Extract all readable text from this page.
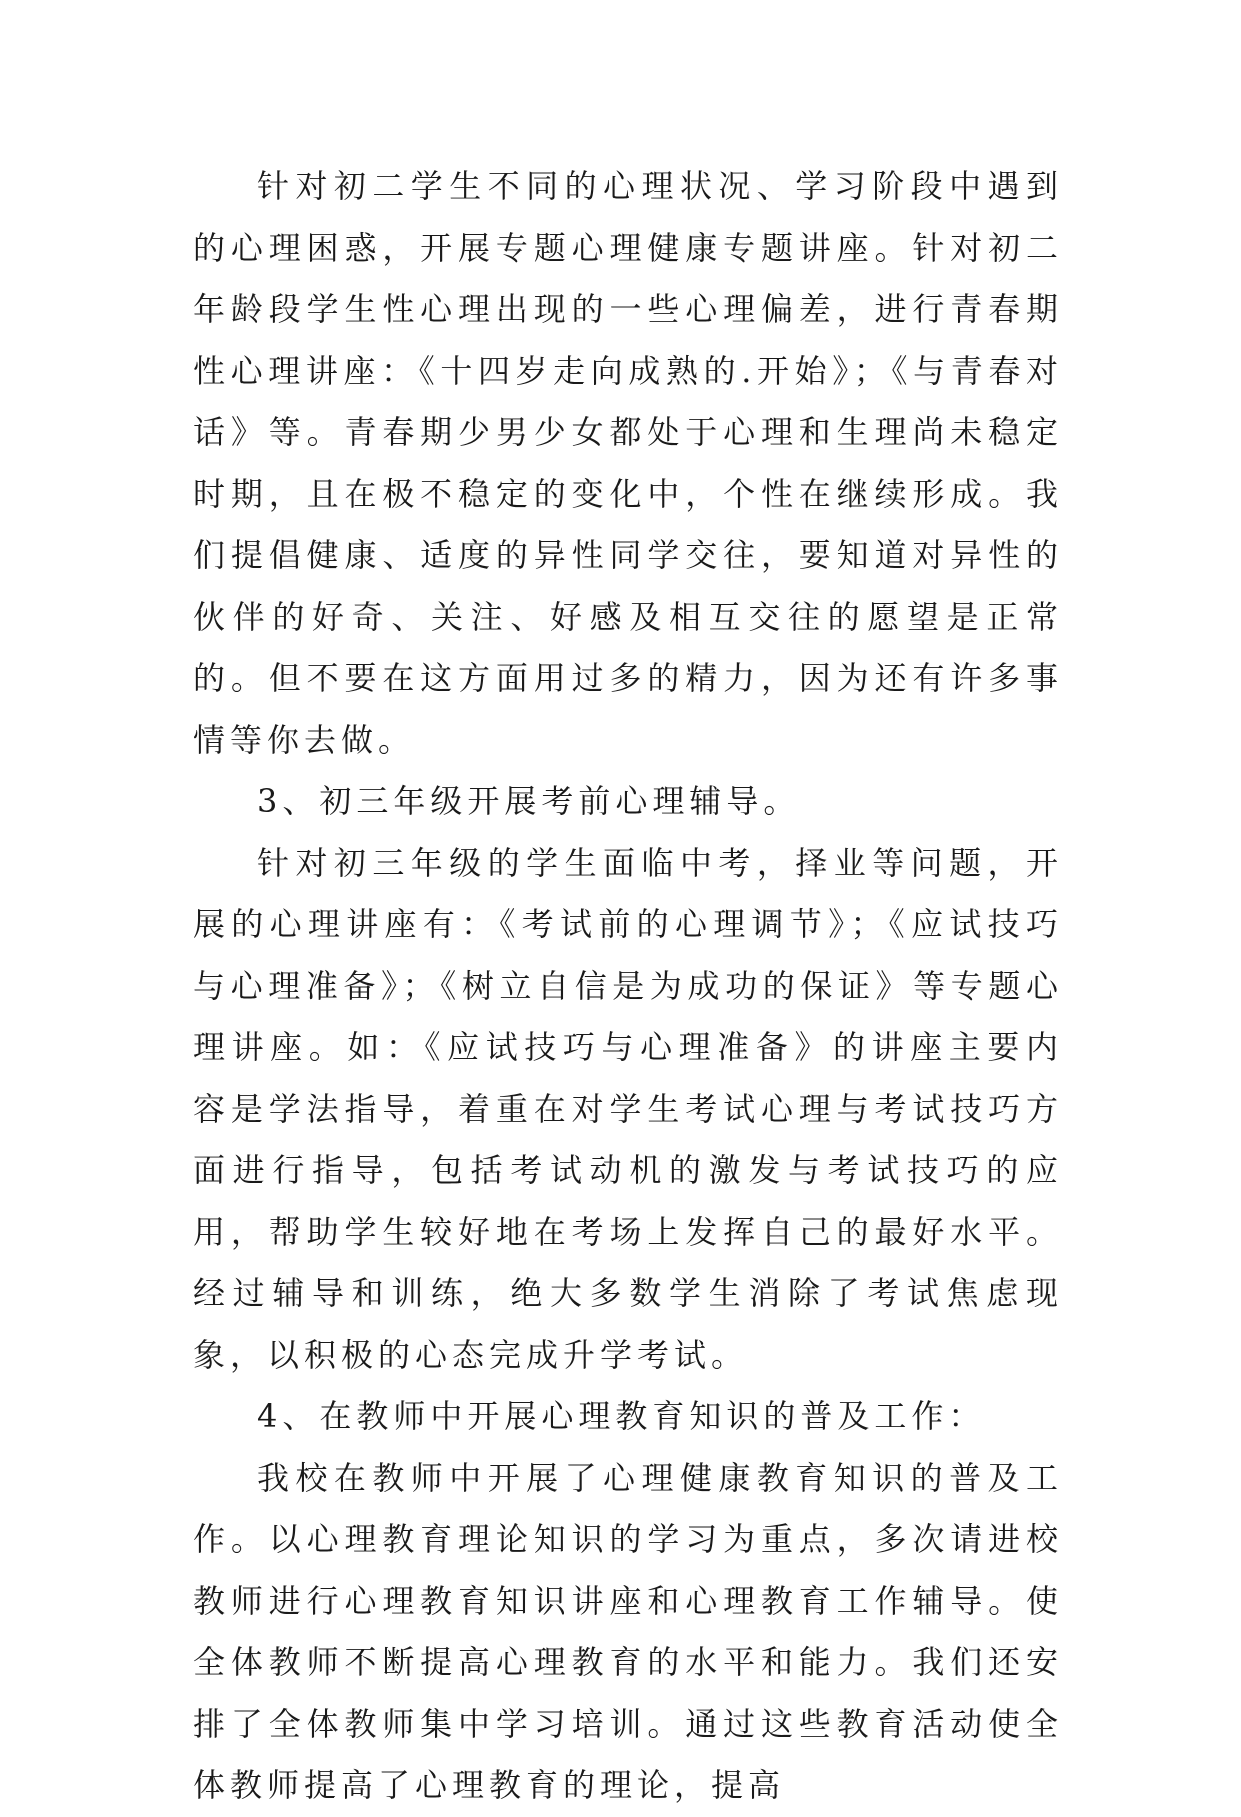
针对初二学生不同的心理状况、学习阶段中遇到的心理困惑，开展专题心理健康专题讲座。针对初二年龄段学生性心理出现的一些心理偏差，进行青春期性心理讲座：《十四岁走向成熟的.开始》；《与青春对话》等。青春期少男少女都处于心理和生理尚未稳定时期，且在极不稳定的变化中，个性在继续形成。我们提倡健康、适度的异性同学交往，要知道对异性的伙伴的好奇、关注、好感及相互交往的愿望是正常的。但不要在这方面用过多的精力，因为还有许多事情等你去做。

3、初三年级开展考前心理辅导。

针对初三年级的学生面临中考，择业等问题，开展的心理讲座有：《考试前的心理调节》；《应试技巧与心理准备》；《树立自信是为成功的保证》等专题心理讲座。如：《应试技巧与心理准备》的讲座主要内容是学法指导，着重在对学生考试心理与考试技巧方面进行指导，包括考试动机的激发与考试技巧的应用，帮助学生较好地在考场上发挥自己的最好水平。 经过辅导和训练，绝大多数学生消除了考试焦虑现象，以积极的心态完成升学考试。

4、在教师中开展心理教育知识的普及工作：

我校在教师中开展了心理健康教育知识的普及工作。以心理教育理论知识的学习为重点，多次请进校教师进行心理教育知识讲座和心理教育工作辅导。使全体教师不断提高心理教育的水平和能力。我们还安排了全体教师集中学习培训。通过这些教育活动使全体教师提高了心理教育的理论，提高
